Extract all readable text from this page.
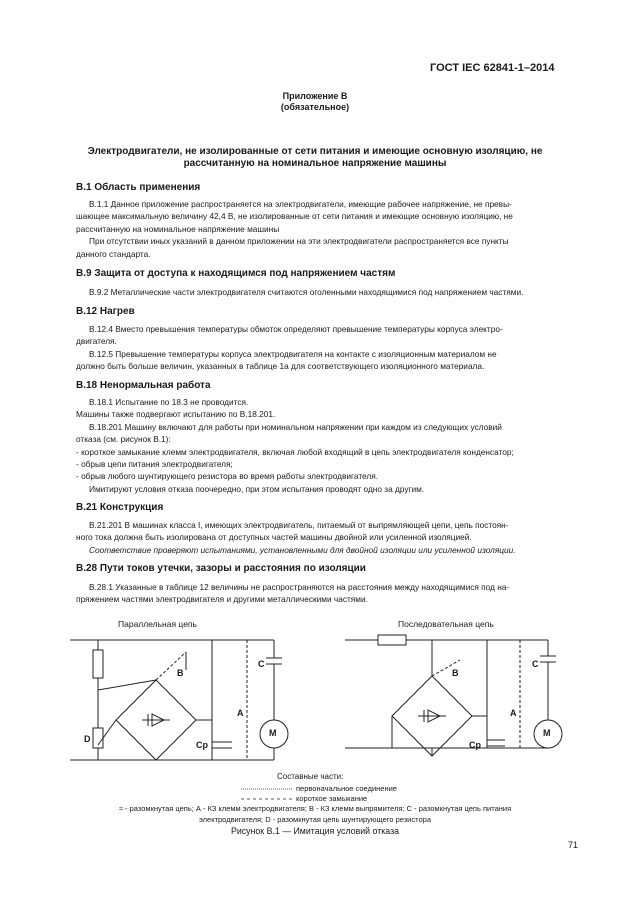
ГОСТ IEC 62841-1–2014
Приложение В
(обязательное)
Электродвигатели, не изолированные от сети питания и имеющие основную изоляцию, не
рассчитанную на номинальное напряжение машины
В.1 Область применения
В.1.1 Данное приложение распространяется на электродвигатели, имеющие рабочее напряжение, не превы-
шающее максимальную величину 42,4 В, не изолированные от сети питания и имеющие основную изоляцию, не
рассчитанную на номинальное напряжение машины
При отсутствии иных указаний в данном приложении на эти электродвигатели распространяется все пункты
данного стандарта.
В.9 Защита от доступа к находящимся под напряжением частям
В.9.2 Металлические части электродвигателя считаются оголенными находящимися под напряжением частями.
В.12 Нагрев
В.12.4 Вместо превышения температуры обмоток определяют превышение температуры корпуса электро-
двигателя.
В.12.5 Превышение температуры корпуса электродвигателя на контакте с изоляционным материалом не
должно быть больше величин, указанных в таблице 1а для соответствующего изоляционного материала.
В.18 Ненормальная работа
В.18.1 Испытание по 18.3 не проводится.
Машины также подвергают испытанию по В.18.201.
В.18.201 Машину включают для работы при номинальном напряжении при каждом из следующих условий
отказа (см. рисунок В.1):
- короткое замыкание клемм электродвигателя, включая любой входящий в цепь электродвигателя конденсатор;
- обрыв цепи питания электродвигателя;
- обрыв любого шунтирующего резистора во время работы электродвигателя.
Имитируют условия отказа поочередно, при этом испытания проводят одно за другим.
В.21 Конструкция
В.21.201 В машинах класса I, имеющих электродвигатель, питаемый от выпрямляющей цепи, цепь постоян-
ного тока должна быть изолирована от доступных частей машины двойной или усиленной изоляцией.
Соответствие проверяют испытаниями, установленными для двойной изоляции или усиленной изоляции.
В.28 Пути токов утечки, зазоры и расстояния по изоляции
В.28.1 Указанные в таблице 12 величины не распространяются на расстояния между находящимися под на-
пряжением частями электродвигателя и другими металлическими частями.
Параллельная цепь	Последовательная цепь
B
C
A
D
Cp
M
B
C
A
Cp
M
Составные части:
первоначальное соединение
короткое замыкание
≈ - разомкнутая цепь; А - КЗ клемм электродвигателя; В - КЗ клемм выпрямителя; С - разомкнутая цепь питания
электродвигателя; D - разомкнутая цепь шунтирующего резистора
Рисунок В.1 — Имитация условий отказа
71
